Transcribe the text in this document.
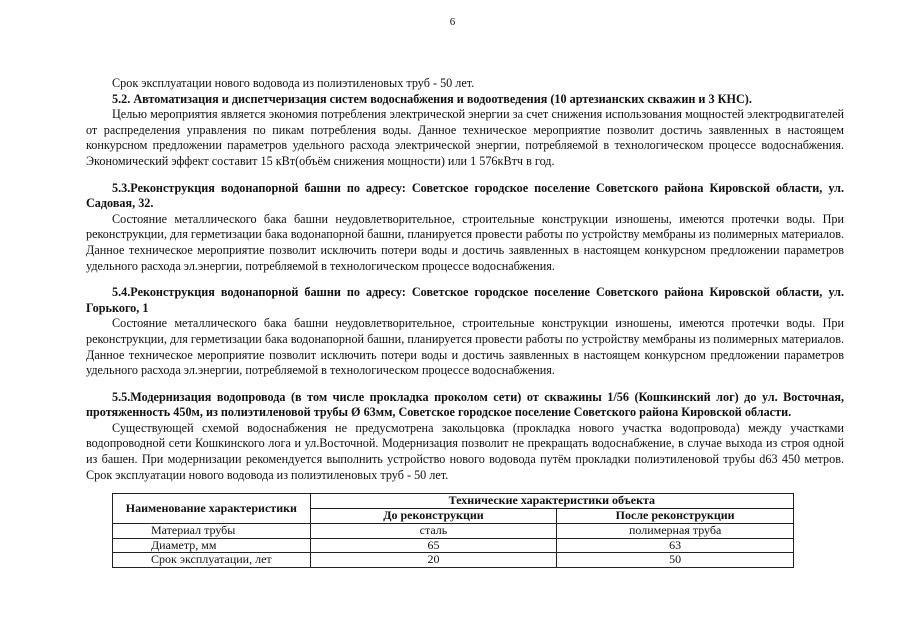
6

Срок эксплуатации нового водовода из полиэтиленовых труб - 50 лет.

5.2. Автоматизация и диспетчеризация систем водоснабжения и водоотведения (10 артезианских скважин и 3 КНС).

Целью мероприятия является экономия потребления электрической энергии за счет снижения использования мощностей электродвигателей от распределения управления по пикам потребления воды. Данное техническое мероприятие позволит достичь заявленных в настоящем конкурсном предложении параметров удельного расхода электрической энергии, потребляемой в технологическом процессе водоснабжения. Экономический эффект составит 15 кВт(объём снижения мощности) или 1 576кВтч в год.

5.3.Реконструкция водонапорной башни по адресу: Советское городское поселение Советского района Кировской области, ул. Садовая, 32.

Состояние металлического бака башни неудовлетворительное, строительные конструкции изношены, имеются протечки воды. При реконструкции, для герметизации бака водонапорной башни, планируется провести работы по устройству мембраны из полимерных материалов. Данное техническое мероприятие позволит исключить потери воды и достичь заявленных в настоящем конкурсном предложении параметров удельного расхода эл.энергии, потребляемой в технологическом процессе водоснабжения.

5.4.Реконструкция водонапорной башни по адресу: Советское городское поселение Советского района Кировской области, ул. Горького, 1

Состояние металлического бака башни неудовлетворительное, строительные конструкции изношены, имеются протечки воды. При реконструкции, для герметизации бака водонапорной башни, планируется провести работы по устройству мембраны из полимерных материалов. Данное техническое мероприятие позволит исключить потери воды и достичь заявленных в настоящем конкурсном предложении параметров удельного расхода эл.энергии, потребляемой в технологическом процессе водоснабжения.

5.5.Модернизация водопровода (в том числе прокладка проколом сети) от скважины 1/56 (Кошкинский лог) до ул. Восточная, протяженность 450м, из полиэтиленовой трубы Ø 63мм, Советское городское поселение Советского района Кировской области.

Существующей схемой водоснабжения не предусмотрена закольцовка (прокладка нового участка водопровода) между участками водопроводной сети Кошкинского лога и ул.Восточной. Модернизация позволит не прекращать водоснабжение, в случае выхода из строя одной из башен. При модернизации рекомендуется выполнить устройство нового водовода путём прокладки полиэтиленовой трубы d63 450 метров. Срок эксплуатации нового водовода из полиэтиленовых труб - 50 лет.

Наименование характеристики	Технические характеристики объекта	
	До реконструкции	После реконструкции
Материал трубы	сталь	полимерная труба
Диаметр, мм	65	63
Срок эксплуатации, лет	20	50
